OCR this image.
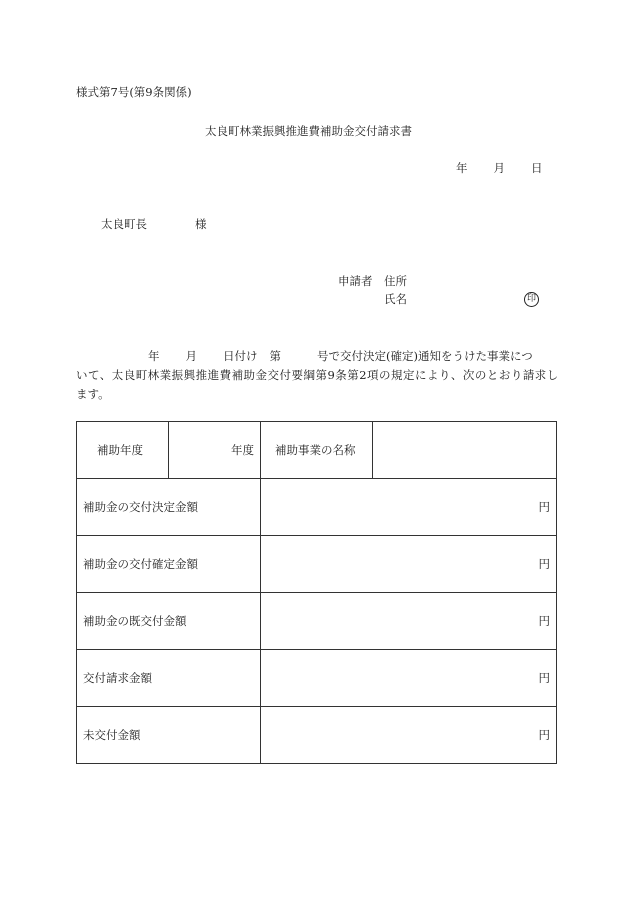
様式第7号(第9条関係)
太良町林業振興推進費補助金交付請求書
年 月 日
太良町長	様
申請者 住所
氏名	印
年 月 日付け 第	号で交付決定(確定)通知をうけた事業につ
いて、太良町林業振興推進費補助金交付要綱第9条第2項の規定により、次のとおり請求し
ます。
補助年度	年度	補助事業の名称	
補助金の交付決定金額		円	
補助金の交付確定金額		円	
補助金の既交付金額		円	
交付請求金額		円	
未交付金額		円	
